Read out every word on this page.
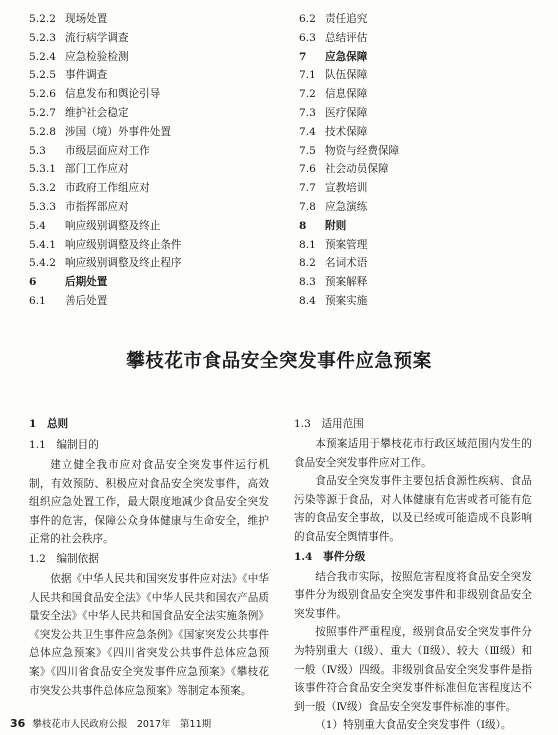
5.2.2 现场处置
5.2.3 流行病学调查
5.2.4 应急检验检测
5.2.5 事件调查
5.2.6 信息发布和舆论引导
5.2.7 维护社会稳定
5.2.8 涉国（境）外事件处置
5.3 市级层面应对工作
5.3.1 部门工作应对
5.3.2 市政府工作组应对
5.3.3 市指挥部应对
5.4 响应级别调整及终止
5.4.1 响应级别调整及终止条件
5.4.2 响应级别调整及终止程序
6	后期处置
6.1 善后处置
6.2 责任追究
6.3 总结评估
7 应急保障
7.1 队伍保障
7.2 信息保障
7.3 医疗保障
7.4 技术保障
7.5 物资与经费保障
7.6 社会动员保障
7.7 宣教培训
7.8 应急演练
8 附则
8.1 预案管理
8.2 名词术语
8.3 预案解释
8.4 预案实施
攀枝花市食品安全突发事件应急预案
1　总则
1.1　编制目的

建立健全我市应对食品安全突发事件运行机制，有效预防、积极应对食品安全突发事件，高效组织应急处置工作，最大限度地减少食品安全突发事件的危害，保障公众身体健康与生命安全，维护正常的社会秩序。

1.2　编制依据

依据《中华人民共和国突发事件应对法》《中华人民共和国食品安全法》《中华人民共和国农产品质量安全法》《中华人民共和国食品安全法实施条例》《突发公共卫生事件应急条例》《国家突发公共事件总体应急预案》《四川省突发公共事件总体应急预案》《四川省食品安全突发事件应急预案》《攀枝花市突发公共事件总体应急预案》等制定本预案。

1.3　适用范围

本预案适用于攀枝花市行政区域范围内发生的食品安全突发事件应对工作。

食品安全突发事件主要包括食源性疾病、食品污染等源于食品，对人体健康有危害或者可能有危害的食品安全事故，以及已经或可能造成不良影响的食品安全舆情事件。

1.4　事件分级

结合我市实际，按照危害程度将食品安全突发事件分为级别食品安全突发事件和非级别食品安全突发事件。

按照事件严重程度，级别食品安全突发事件分为特别重大（Ⅰ级）、重大（Ⅱ级）、较大（Ⅲ级）和一般（Ⅳ级）四级。非级别食品安全突发事件是指该事件符合食品安全突发事件标准但危害程度达不到一般（Ⅳ级）食品安全突发事件标准的事件。

（1）特别重大食品安全突发事件（Ⅰ级）。

36 攀枝花市人民政府公报　2017年　第11期
